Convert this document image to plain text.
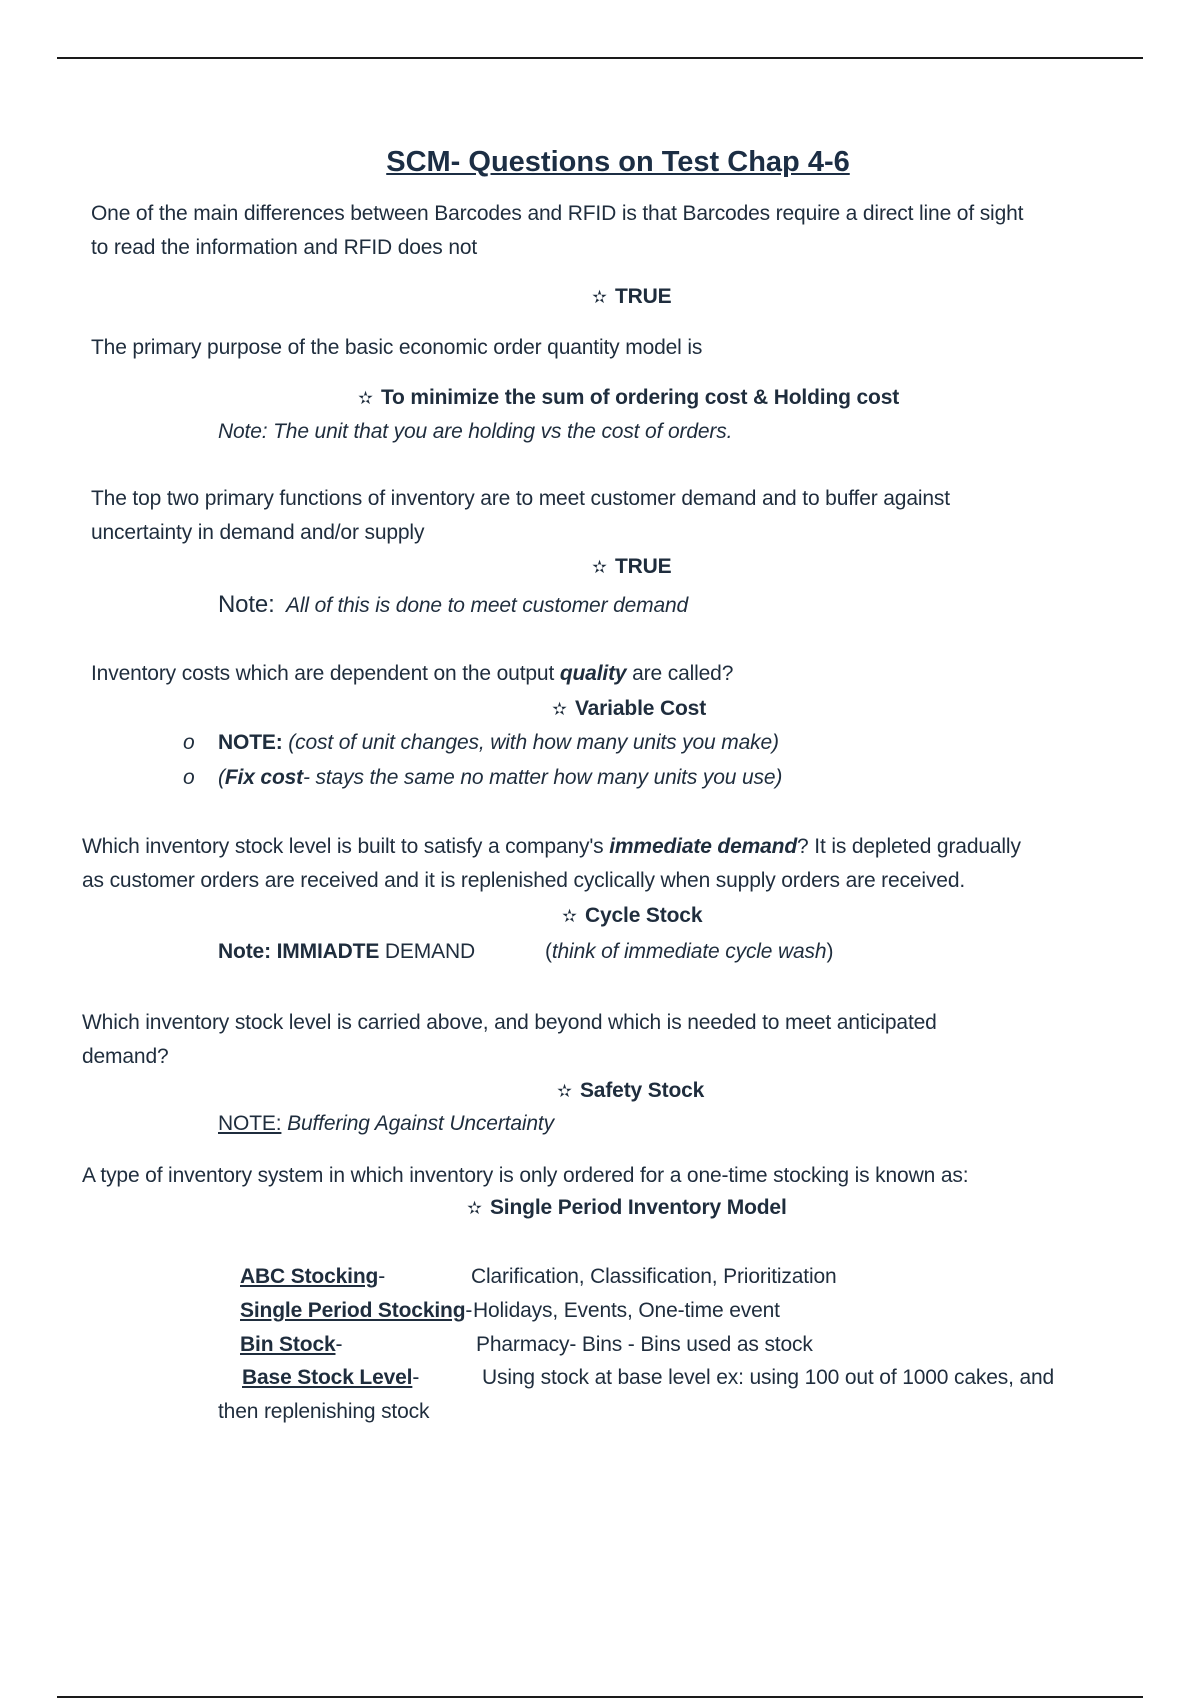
SCM- Questions on Test Chap 4-6
One of the main differences between Barcodes and RFID is that Barcodes require a direct line of sight
to read the information and RFID does not
✫ TRUE
The primary purpose of the basic economic order quantity model is
✫ To minimize the sum of ordering cost & Holding cost
Note: The unit that you are holding vs the cost of orders.
The top two primary functions of inventory are to meet customer demand and to buffer against
uncertainty in demand and/or supply
✫ TRUE
Note: All of this is done to meet customer demand
Inventory costs which are dependent on the output quality are called?
✫ Variable Cost
o NOTE: (cost of unit changes, with how many units you make)
o (Fix cost- stays the same no matter how many units you use)
Which inventory stock level is built to satisfy a company's immediate demand? It is depleted gradually
as customer orders are received and it is replenished cyclically when supply orders are received.
✫ Cycle Stock
Note: IMMIADTE DEMAND	(think of immediate cycle wash)
Which inventory stock level is carried above, and beyond which is needed to meet anticipated
demand?
✫ Safety Stock
NOTE: Buffering Against Uncertainty
A type of inventory system in which inventory is only ordered for a one-time stocking is known as:
✫ Single Period Inventory Model
ABC Stocking-	Clarification, Classification, Prioritization
Single Period Stocking- Holidays, Events, One-time event
Bin Stock-	Pharmacy- Bins - Bins used as stock
Base Stock Level-	Using stock at base level ex: using 100 out of 1000 cakes, and
then replenishing stock
